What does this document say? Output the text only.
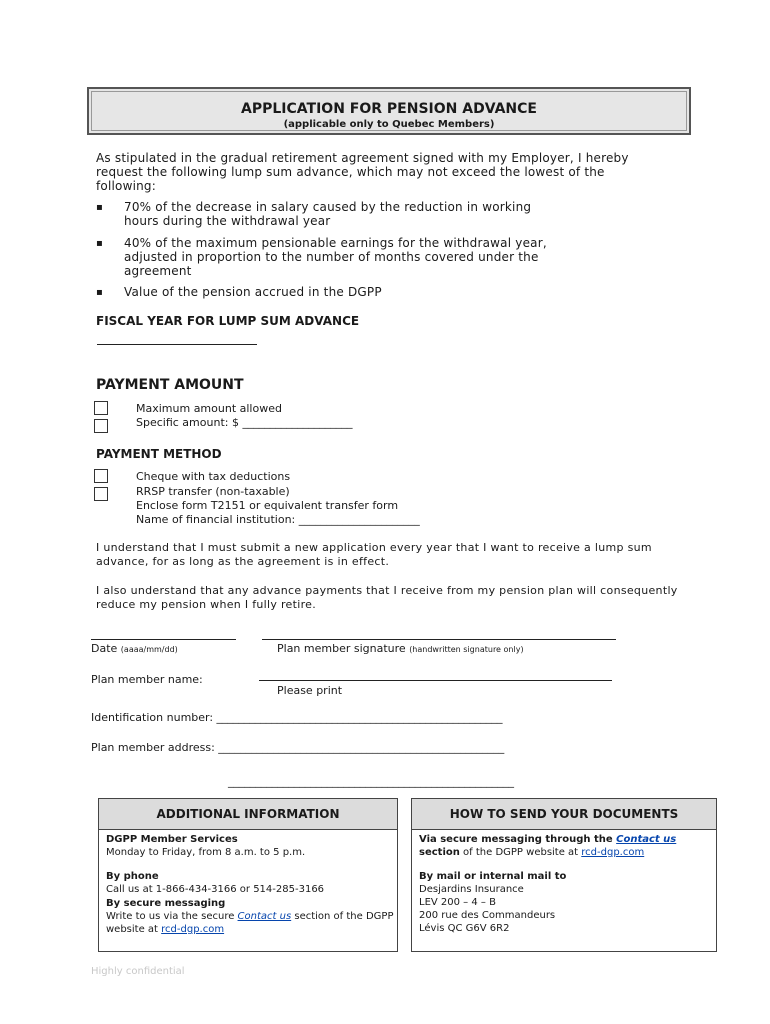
APPLICATION FOR PENSION ADVANCE
(applicable only to Quebec Members)
As stipulated in the gradual retirement agreement signed with my Employer, I hereby
request the following lump sum advance, which may not exceed the lowest of the
following:
▪ 70% of the decrease in salary caused by the reduction in working
hours during the withdrawal year
▪ 40% of the maximum pensionable earnings for the withdrawal year,
adjusted in proportion to the number of months covered under the
agreement
▪ Value of the pension accrued in the DGPP
FISCAL YEAR FOR LUMP SUM ADVANCE
PAYMENT AMOUNT
Maximum amount allowed
Specific amount: $ ____________________
PAYMENT METHOD
Cheque with tax deductions
RRSP transfer (non-taxable)
Enclose form T2151 or equivalent transfer form
Name of financial institution: ______________________
I understand that I must submit a new application every year that I want to receive a lump sum
advance, for as long as the agreement is in effect.
I also understand that any advance payments that I receive from my pension plan will consequently
reduce my pension when I fully retire.
Date (aaaa/mm/dd)	Plan member signature (handwritten signature only)
Plan member name:
Please print
Identification number: ____________________________________________________
Plan member address: ____________________________________________________
____________________________________________________
ADDITIONAL INFORMATION
DGPP Member Services
Monday to Friday, from 8 a.m. to 5 p.m.
By phone
Call us at 1-866-434-3166 or 514-285-3166
By secure messaging
Write to us via the secure Contact us section of the DGPP
website at rcd-dgp.com
HOW TO SEND YOUR DOCUMENTS
Via secure messaging through the Contact us
section of the DGPP website at rcd-dgp.com
By mail or internal mail to
Desjardins Insurance
LEV 200 – 4 – B
200 rue des Commandeurs
Lévis QC G6V 6R2
Highly confidential
